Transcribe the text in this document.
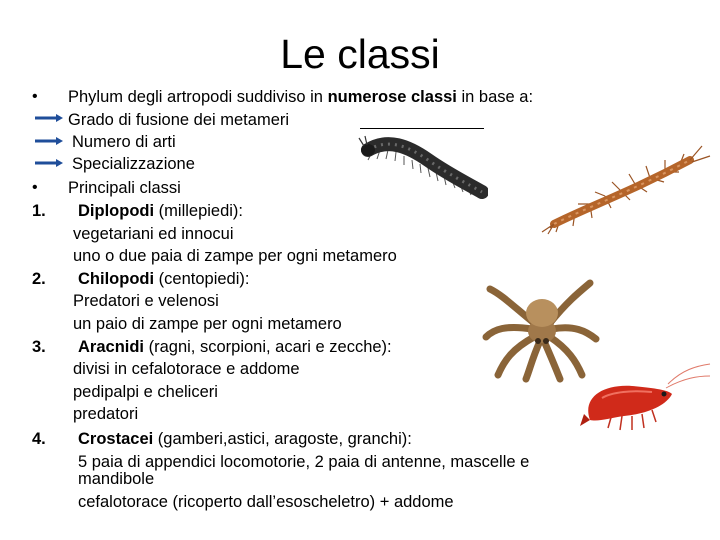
Le classi
• Phylum degli artropodi suddiviso in numerose classi in base a:
Grado di fusione dei metameri
Numero di arti
Specializzazione
• Principali classi
1. Diplopodi (millepiedi):
vegetariani ed innocui
uno o due paia di zampe per ogni metamero
2. Chilopodi (centopiedi):
Predatori e velenosi
un paio di zampe per ogni metamero
3. Aracnidi (ragni, scorpioni, acari e zecche):
divisi in cefalotorace e addome
pedipalpi e cheliceri
predatori
4. Crostacei (gamberi,astici, aragoste, granchi):
5 paia di appendici locomotorie, 2 paia di antenne, mascelle e
mandibole
cefalotorace (ricoperto dall’esoscheletro) + addome
